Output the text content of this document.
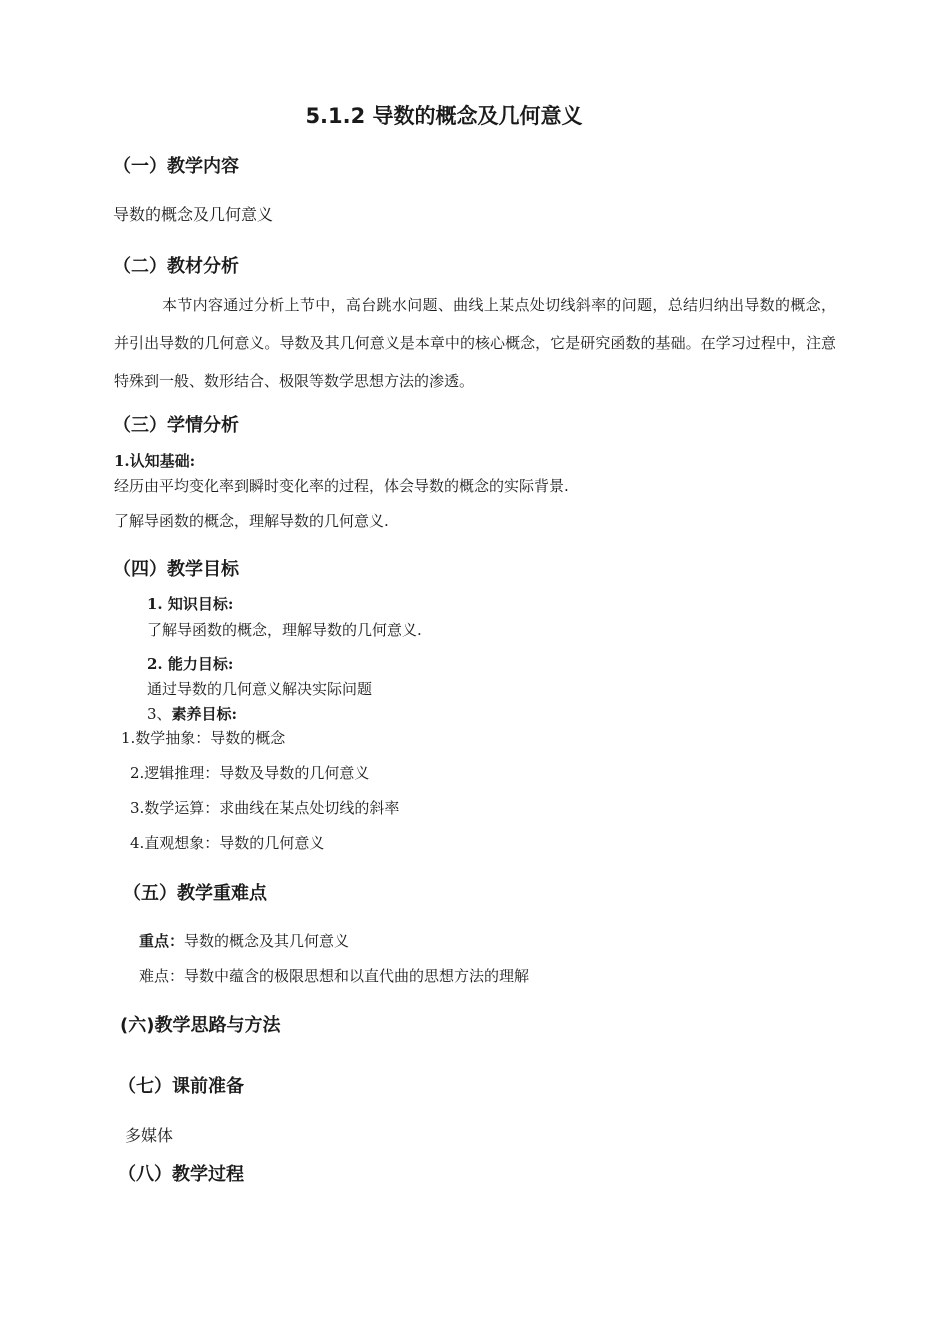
5.1.2 导数的概念及几何意义
（一）教学内容
导数的概念及几何意义
（二）教材分析
本节内容通过分析上节中，高台跳水问题、曲线上某点处切线斜率的问题，总结归纳出导数的概念，并引出导数的几何意义。导数及其几何意义是本章中的核心概念，它是研究函数的基础。在学习过程中，注意特殊到一般、数形结合、极限等数学思想方法的渗透。
（三）学情分析
1.认知基础:
经历由平均变化率到瞬时变化率的过程，体会导数的概念的实际背景.
了解导函数的概念，理解导数的几何意义.
（四）教学目标
1. 知识目标:
了解导函数的概念，理解导数的几何意义.
2. 能力目标:
通过导数的几何意义解决实际问题
3、素养目标:
1.数学抽象：导数的概念
2.逻辑推理：导数及导数的几何意义
3.数学运算：求曲线在某点处切线的斜率
4.直观想象：导数的几何意义
（五）教学重难点
重点：导数的概念及其几何意义
难点：导数中蕴含的极限思想和以直代曲的思想方法的理解
(六)教学思路与方法
（七）课前准备
多媒体
（八）教学过程
